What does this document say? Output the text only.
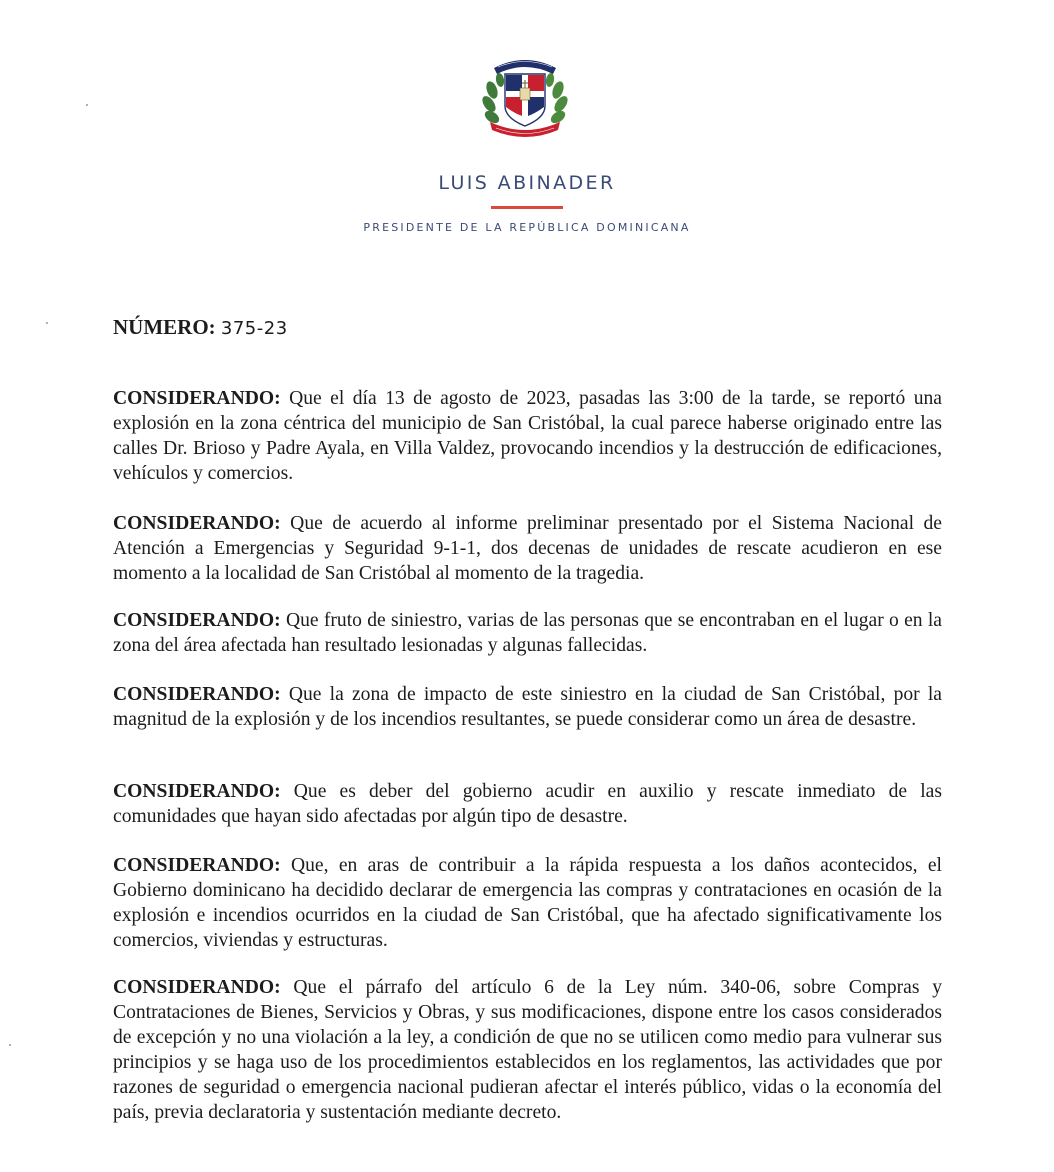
LUIS ABINADER
PRESIDENTE DE LA REPÚBLICA DOMINICANA
NÚMERO: 375-23

CONSIDERANDO: Que el día 13 de agosto de 2023, pasadas las 3:00 de la tarde, se reportó una explosión en la zona céntrica del municipio de San Cristóbal, la cual parece haberse originado entre las calles Dr. Brioso y Padre Ayala, en Villa Valdez, provocando incendios y la destrucción de edificaciones, vehículos y comercios.

CONSIDERANDO: Que de acuerdo al informe preliminar presentado por el Sistema Nacional de Atención a Emergencias y Seguridad 9-1-1, dos decenas de unidades de rescate acudieron en ese momento a la localidad de San Cristóbal al momento de la tragedia.

CONSIDERANDO: Que fruto de siniestro, varias de las personas que se encontraban en el lugar o en la zona del área afectada han resultado lesionadas y algunas fallecidas.

CONSIDERANDO: Que la zona de impacto de este siniestro en la ciudad de San Cristóbal, por la magnitud de la explosión y de los incendios resultantes, se puede considerar como un área de desastre.

CONSIDERANDO: Que es deber del gobierno acudir en auxilio y rescate inmediato de las comunidades que hayan sido afectadas por algún tipo de desastre.

CONSIDERANDO: Que, en aras de contribuir a la rápida respuesta a los daños acontecidos, el Gobierno dominicano ha decidido declarar de emergencia las compras y contrataciones en ocasión de la explosión e incendios ocurridos en la ciudad de San Cristóbal, que ha afectado significativamente los comercios, viviendas y estructuras.

CONSIDERANDO: Que el párrafo del artículo 6 de la Ley núm. 340-06, sobre Compras y Contrataciones de Bienes, Servicios y Obras, y sus modificaciones, dispone entre los casos considerados de excepción y no una violación a la ley, a condición de que no se utilicen como medio para vulnerar sus principios y se haga uso de los procedimientos establecidos en los reglamentos, las actividades que por razones de seguridad o emergencia nacional pudieran afectar el interés público, vidas o la economía del país, previa declaratoria y sustentación mediante decreto.
